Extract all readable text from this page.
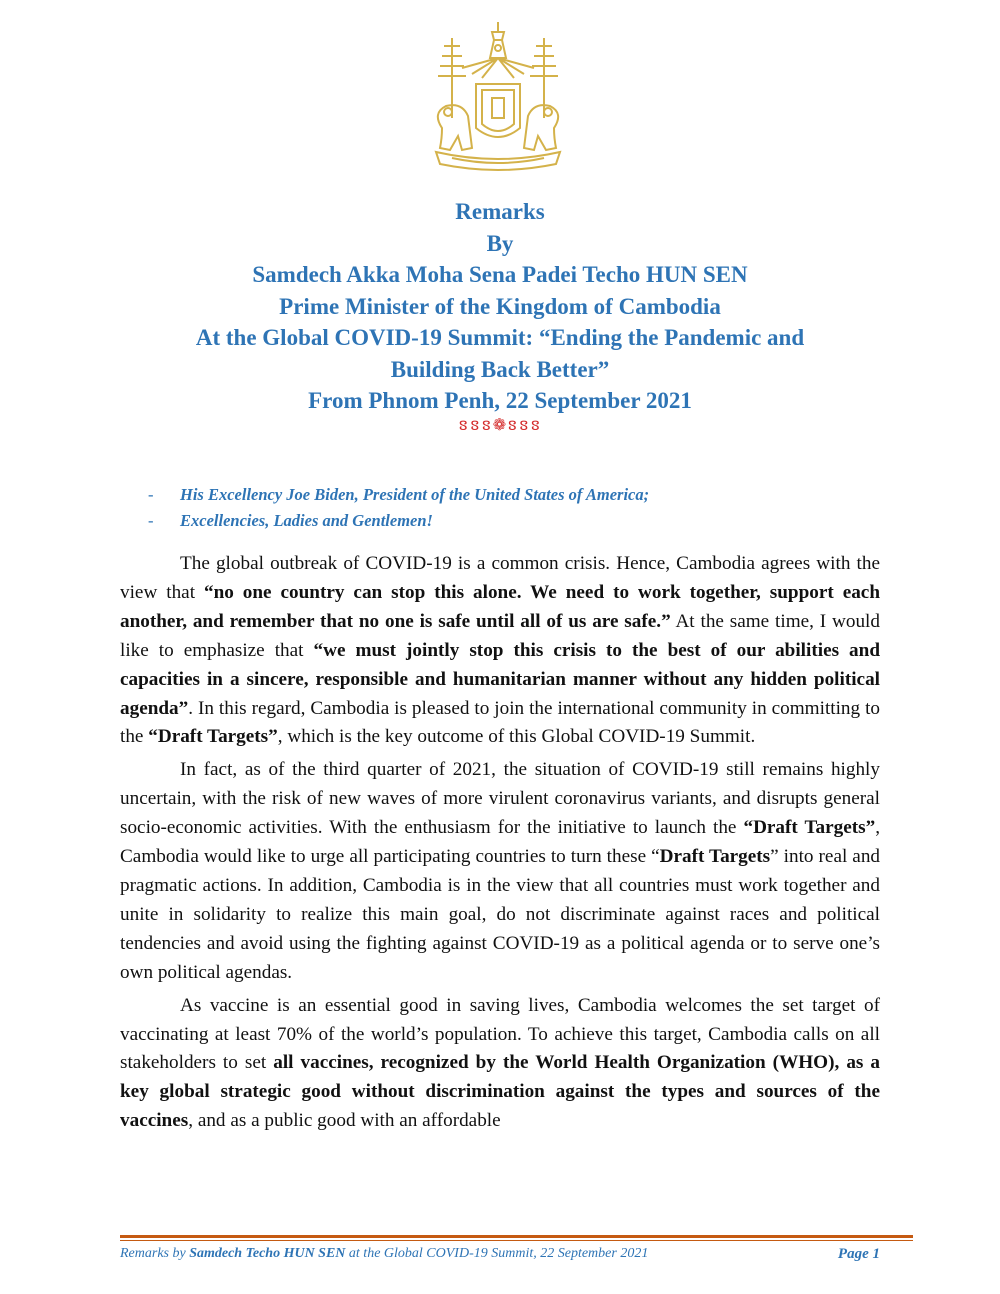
Remarks
By
Samdech Akka Moha Sena Padei Techo HUN SEN
Prime Minister of the Kingdom of Cambodia
At the Global COVID-19 Summit: “Ending the Pandemic and
Building Back Better”
From Phnom Penh, 22 September 2021
ៜៜៜ❁ៜៜៜ
- His Excellency Joe Biden, President of the United States of America;
- Excellencies, Ladies and Gentlemen!

The global outbreak of COVID-19 is a common crisis. Hence, Cambodia agrees with the view that “no one country can stop this alone. We need to work together, support each another, and remember that no one is safe until all of us are safe.” At the same time, I would like to emphasize that “we must jointly stop this crisis to the best of our abilities and capacities in a sincere, responsible and humanitarian manner without any hidden political agenda”. In this regard, Cambodia is pleased to join the international community in committing to the “Draft Targets”, which is the key outcome of this Global COVID-19 Summit.

In fact, as of the third quarter of 2021, the situation of COVID-19 still remains highly uncertain, with the risk of new waves of more virulent coronavirus variants, and disrupts general socio-economic activities. With the enthusiasm for the initiative to launch the “Draft Targets”, Cambodia would like to urge all participating countries to turn these “Draft Targets” into real and pragmatic actions. In addition, Cambodia is in the view that all countries must work together and unite in solidarity to realize this main goal, do not discriminate against races and political tendencies and avoid using the fighting against COVID-19 as a political agenda or to serve one’s own political agendas.

As vaccine is an essential good in saving lives, Cambodia welcomes the set target of vaccinating at least 70% of the world’s population. To achieve this target, Cambodia calls on all stakeholders to set all vaccines, recognized by the World Health Organization (WHO), as a key global strategic good without discrimination against the types and sources of the vaccines, and as a public good with an affordable

Remarks by Samdech Techo HUN SEN at the Global COVID-19 Summit, 22 September 2021	Page 1
